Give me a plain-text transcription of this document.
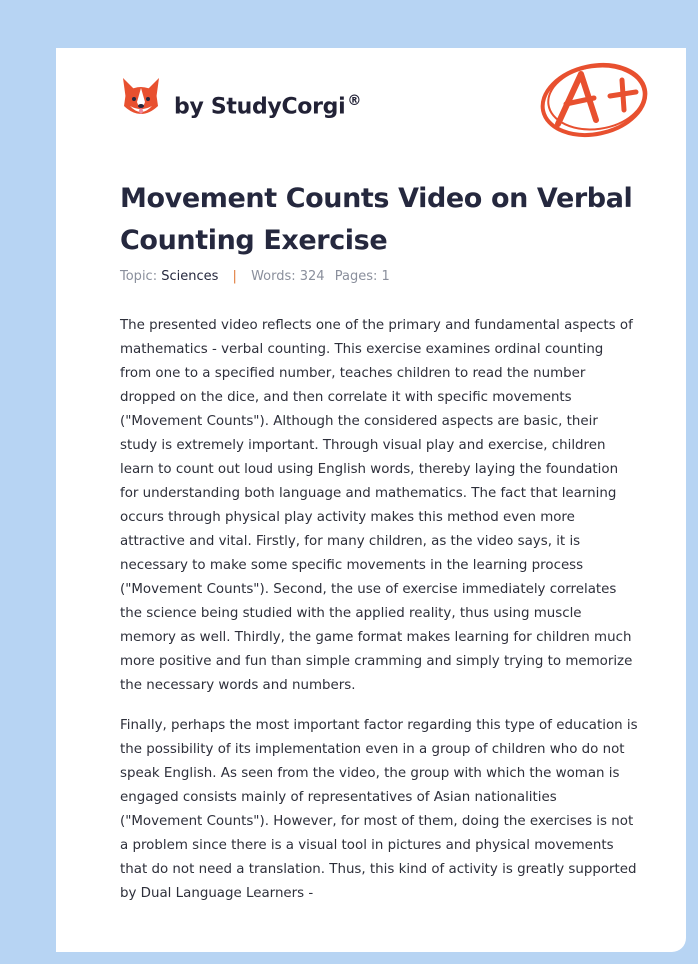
by StudyCorgi ®
Movement Counts Video on Verbal Counting Exercise
Topic: Sciences | Words: 324 Pages: 1

The presented video reflects one of the primary and fundamental aspects of mathematics - verbal counting. This exercise examines ordinal counting from one to a specified number, teaches children to read the number dropped on the dice, and then correlate it with specific movements ("Movement Counts"). Although the considered aspects are basic, their study is extremely important. Through visual play and exercise, children learn to count out loud using English words, thereby laying the foundation for understanding both language and mathematics. The fact that learning occurs through physical play activity makes this method even more attractive and vital. Firstly, for many children, as the video says, it is necessary to make some specific movements in the learning process ("Movement Counts"). Second, the use of exercise immediately correlates the science being studied with the applied reality, thus using muscle memory as well. Thirdly, the game format makes learning for children much more positive and fun than simple cramming and simply trying to memorize the necessary words and numbers.

Finally, perhaps the most important factor regarding this type of education is the possibility of its implementation even in a group of children who do not speak English. As seen from the video, the group with which the woman is engaged consists mainly of representatives of Asian nationalities ("Movement Counts"). However, for most of them, doing the exercises is not a problem since there is a visual tool in pictures and physical movements that do not need a translation. Thus, this kind of activity is greatly supported by Dual Language Learners -
